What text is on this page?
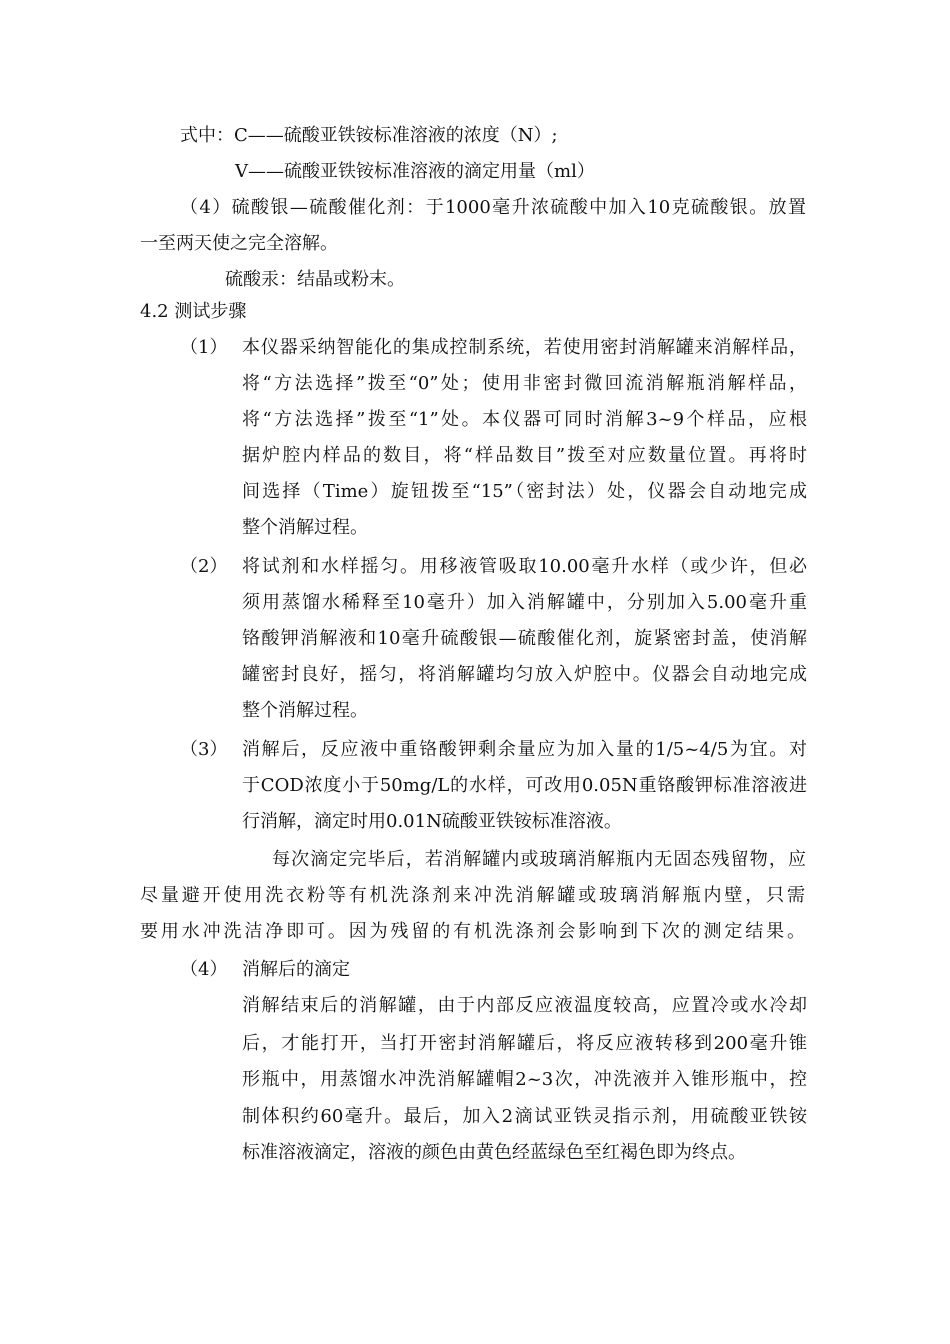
式中：C——硫酸亚铁铵标准溶液的浓度（N）;
V——硫酸亚铁铵标准溶液的滴定用量（ml）
（4）硫酸银—硫酸催化剂：于1000毫升浓硫酸中加入10克硫酸银。放置
一至两天使之完全溶解。
硫酸汞：结晶或粉末。
4.2 测试步骤
（1） 本仪器采纳智能化的集成控制系统，若使用密封消解罐来消解样品，
将“方法选择”拨至“0”处；使用非密封微回流消解瓶消解样品，
将“方法选择”拨至“1”处。本仪器可同时消解3~9个样品，应根
据炉腔内样品的数目，将“样品数目”拨至对应数量位置。再将时
间选择（Time）旋钮拨至“15”（密封法）处，仪器会自动地完成
整个消解过程。
（2） 将试剂和水样摇匀。用移液管吸取10.00毫升水样（或少许，但必
须用蒸馏水稀释至10毫升）加入消解罐中，分别加入5.00毫升重
铬酸钾消解液和10毫升硫酸银—硫酸催化剂，旋紧密封盖，使消解
罐密封良好，摇匀，将消解罐均匀放入炉腔中。仪器会自动地完成
整个消解过程。
（3） 消解后，反应液中重铬酸钾剩余量应为加入量的1/5~4/5为宜。对
于COD浓度小于50mg/L的水样，可改用0.05N重铬酸钾标准溶液进
行消解，滴定时用0.01N硫酸亚铁铵标准溶液。
每次滴定完毕后，若消解罐内或玻璃消解瓶内无固态残留物，应
尽量避开使用洗衣粉等有机洗涤剂来冲洗消解罐或玻璃消解瓶内壁，只需
要用水冲洗洁净即可。因为残留的有机洗涤剂会影响到下次的测定结果。
（4） 消解后的滴定
消解结束后的消解罐，由于内部反应液温度较高，应置冷或水冷却
后，才能打开，当打开密封消解罐后，将反应液转移到200毫升锥
形瓶中，用蒸馏水冲洗消解罐帽2~3次，冲洗液并入锥形瓶中，控
制体积约60毫升。最后，加入2滴试亚铁灵指示剂，用硫酸亚铁铵
标准溶液滴定，溶液的颜色由黄色经蓝绿色至红褐色即为终点。
